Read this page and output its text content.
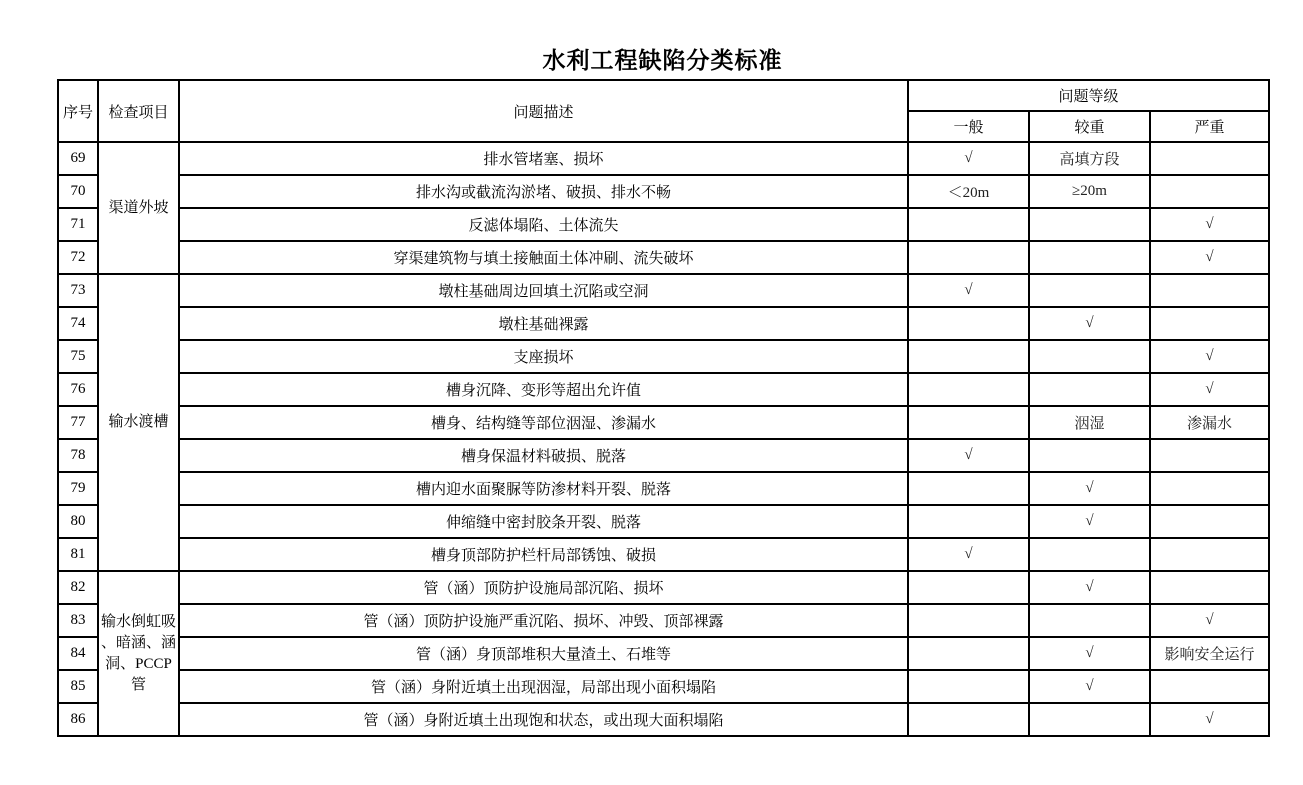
水利工程缺陷分类标准
序号	检查项目	问题描述	问题等级		
			一般	较重	严重
69	渠道外坡	排水管堵塞、损坏	√	高填方段	
70		排水沟或截流沟淤堵、破损、排水不畅	＜20m	≥20m	
71		反滤体塌陷、土体流失			√
72		穿渠建筑物与填土接触面土体冲刷、流失破坏			√
73	输水渡槽	墩柱基础周边回填土沉陷或空洞	√		
74		墩柱基础裸露		√	
75		支座损坏			√
76		槽身沉降、变形等超出允许值			√
77		槽身、结构缝等部位洇湿、渗漏水		洇湿	渗漏水
78		槽身保温材料破损、脱落	√		
79		槽内迎水面聚脲等防渗材料开裂、脱落		√	
80		伸缩缝中密封胶条开裂、脱落		√	
81		槽身顶部防护栏杆局部锈蚀、破损	√		
82	输水倒虹吸、暗涵、涵洞、PCCP管	管（涵）顶防护设施局部沉陷、损坏		√	
83		管（涵）顶防护设施严重沉陷、损坏、冲毁、顶部裸露			√
84		管（涵）身顶部堆积大量渣土、石堆等		√	影响安全运行
85		管（涵）身附近填土出现洇湿，局部出现小面积塌陷		√	
86		管（涵）身附近填土出现饱和状态，或出现大面积塌陷			√
